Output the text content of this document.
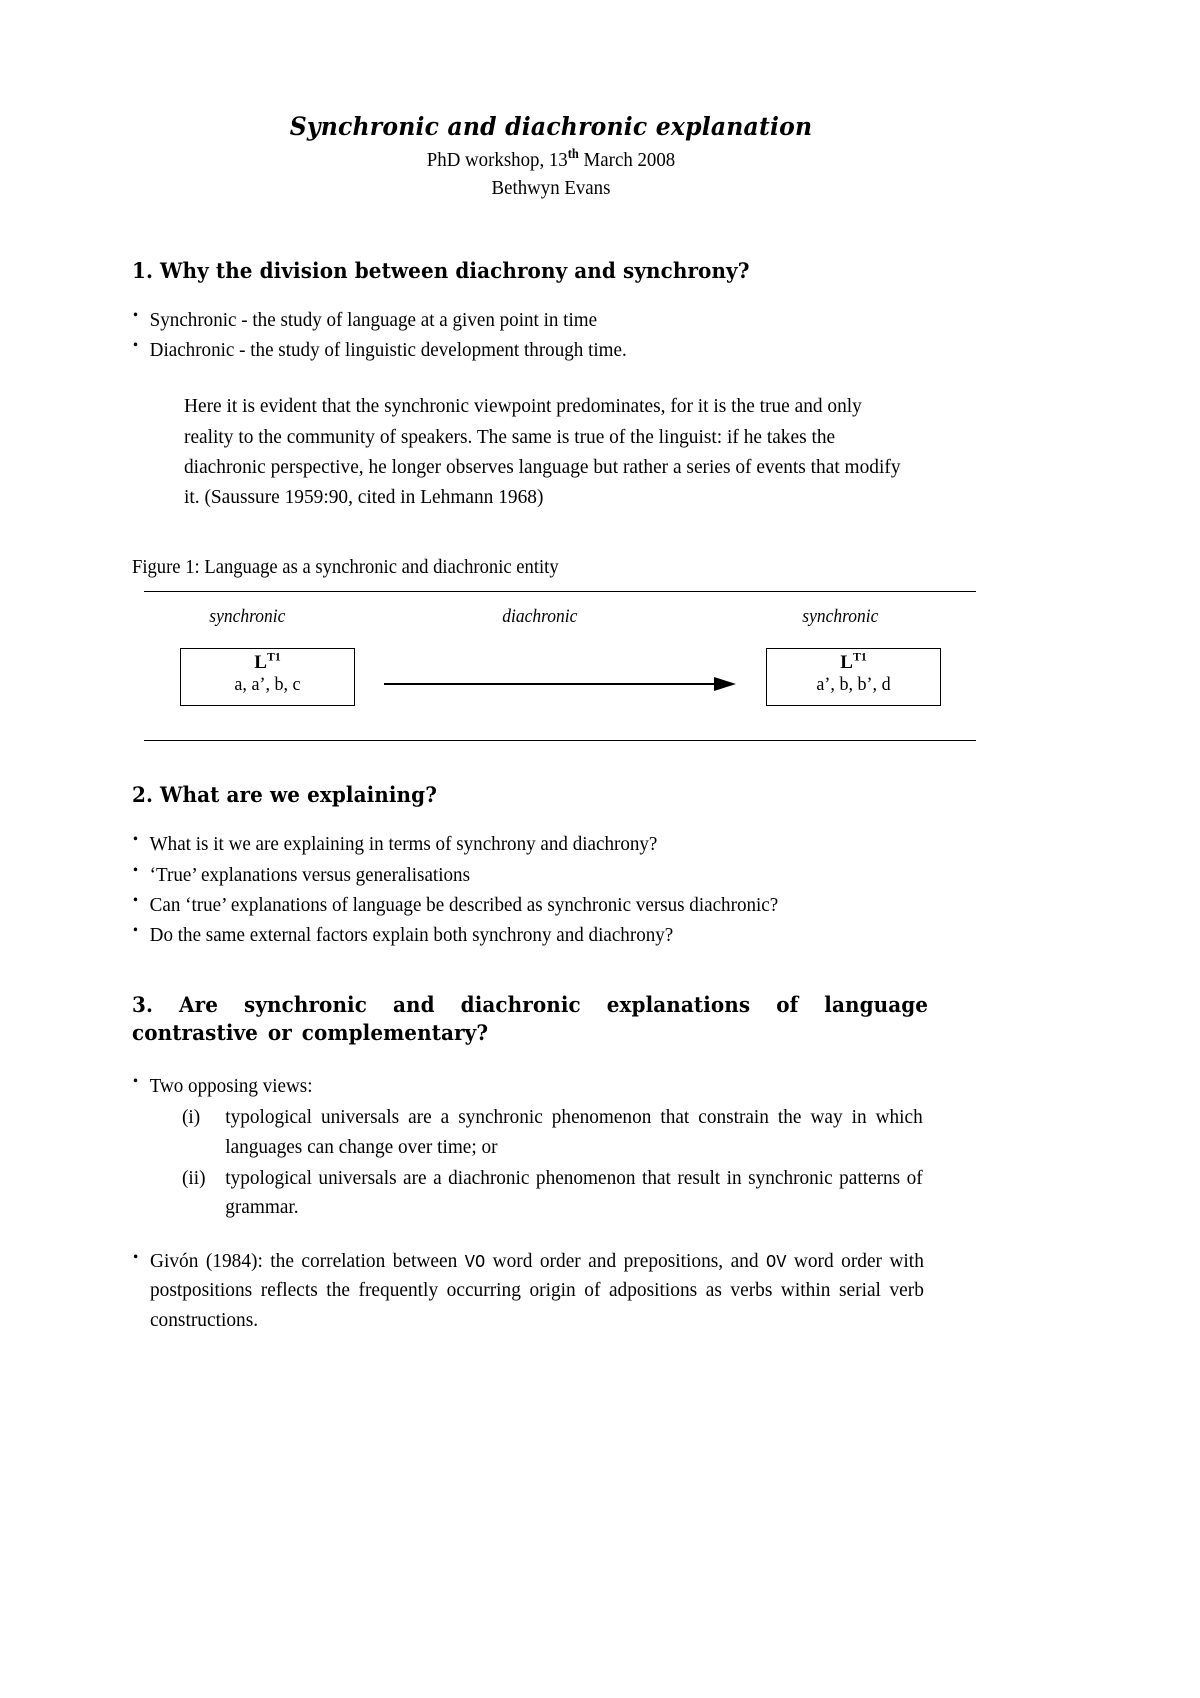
Synchronic and diachronic explanation
PhD workshop, 13th March 2008
Bethwyn Evans
1. Why the division between diachrony and synchrony?
• Synchronic - the study of language at a given point in time
• Diachronic - the study of linguistic development through time.
Here it is evident that the synchronic viewpoint predominates, for it is the true and only reality to the community of speakers. The same is true of the linguist: if he takes the diachronic perspective, he longer observes language but rather a series of events that modify it. (Saussure 1959:90, cited in Lehmann 1968)
Figure 1: Language as a synchronic and diachronic entity
synchronic	diachronic	synchronic
$L^{T1}$
a, a’, b, c
$L^{T1}$
a’, b, b’, d
2. What are we explaining?
• What is it we are explaining in terms of synchrony and diachrony?
• ‘True’ explanations versus generalisations
• Can ‘true’ explanations of language be described as synchronic versus diachronic?
• Do the same external factors explain both synchrony and diachrony?
3. Are synchronic and diachronic explanations of language contrastive or complementary?
• Two opposing views:
(i)	typological universals are a synchronic phenomenon that constrain the way in which languages can change over time; or
(ii) typological universals are a diachronic phenomenon that result in synchronic patterns of grammar.
• Givón (1984): the correlation between VO word order and prepositions, and OV word order with postpositions reflects the frequently occurring origin of adpositions as verbs within serial verb constructions.
